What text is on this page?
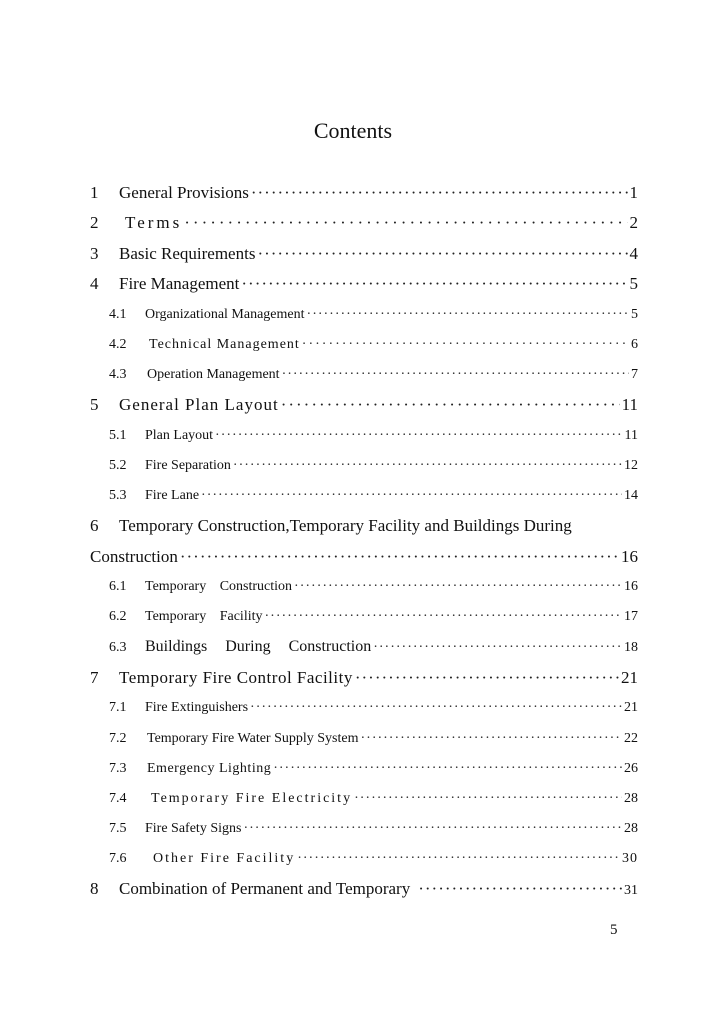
Contents
1	General Provisions ·····	1
2	Terms ·····	2
3	Basic Requirements ·····	4
4	Fire Management ·····	5
4.1	Organizational Management ·····	5
4.2	Technical Management ·····	6
4.3	Operation Management ·····	7
5	General Plan Layout ·····	11
5.1	Plan Layout ·····	11
5.2	Fire Separation ·····	12
5.3	Fire Lane ·····	14
6	Temporary Construction,Temporary Facility and Buildings During
Construction ·····	16
6.1	Temporary Construction ·····	16
6.2	Temporary Facility ·····	17
6.3	Buildings During Construction ·····	18
7	Temporary Fire Control Facility ·····	21
7.1	Fire Extinguishers ·····	21
7.2	Temporary Fire Water Supply System ·····	22
7.3	Emergency Lighting ·····	26
7.4	Temporary Fire Electricity ·····	28
7.5	Fire Safety Signs ·····	28
7.6	Other Fire Facility ·····	30
8	Combination of Permanent and Temporary ·····	31
5
